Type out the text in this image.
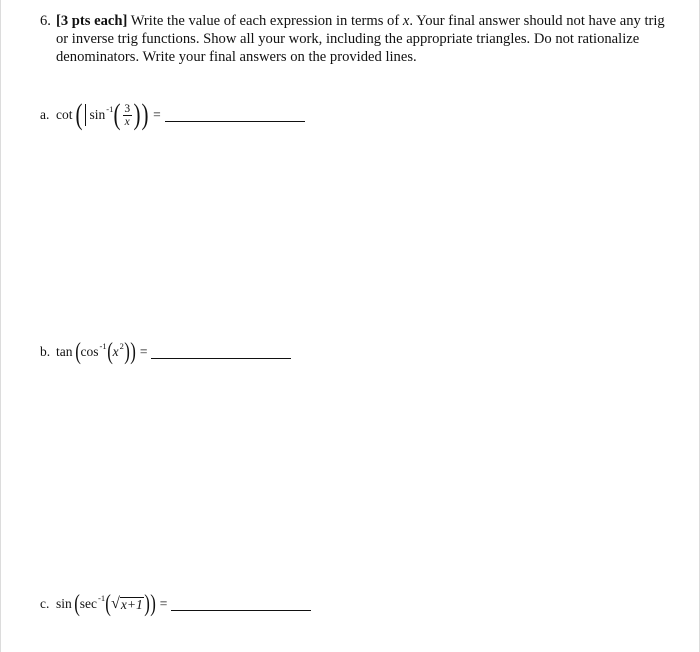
6. [3 pts each] Write the value of each expression in terms of x. Your final answer should not have any trig or inverse trig functions. Show all your work, including the appropriate triangles. Do not rationalize denominators. Write your final answers on the provided lines.
a. cot ( sin -1 ( $\frac{3}{x}$ ) ) =
b. tan ( cos -1 ( x 2 ) ) =
c. sin ( sec -1 ( √ x+1 ) ) =
